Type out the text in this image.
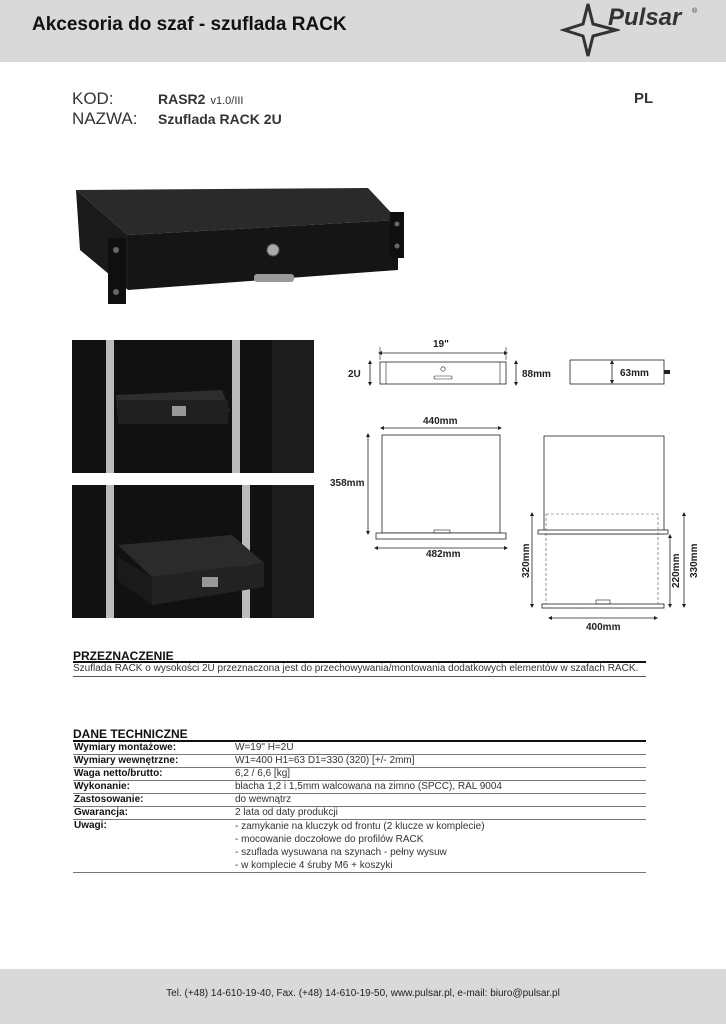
Akcesoria do szaf - szuflada RACK	Pulsar ®
KOD:	RASR2 v1.0/III
NAZWA: Szuflada RACK 2U
PL
19"
2U	88mm	63mm
440mm
358mm
482mm	320mm	220mm 330mm
400mm
PRZEZNACZENIE
Szuflada RACK o wysokości 2U przeznaczona jest do przechowywania/montowania dodatkowych elementów w szafach RACK.
DANE TECHNICZNE
Wymiary montażowe:	W=19" H=2U
Wymiary wewnętrzne:	W1=400 H1=63 D1=330 (320) [+/- 2mm]
Waga netto/brutto:	6,2 / 6,6 [kg]
Wykonanie:	blacha 1,2 i 1,5mm walcowana na zimno (SPCC), RAL 9004
Zastosowanie:	do wewnątrz
Gwarancja:	2 lata od daty produkcji
Uwagi:	- zamykanie na kluczyk od frontu (2 klucze w komplecie)
- mocowanie doczołowe do profilów RACK
- szuflada wysuwana na szynach - pełny wysuw
- w komplecie 4 śruby M6 + koszyki
Tel. (+48) 14-610-19-40, Fax. (+48) 14-610-19-50, www.pulsar.pl, e-mail: biuro@pulsar.pl
